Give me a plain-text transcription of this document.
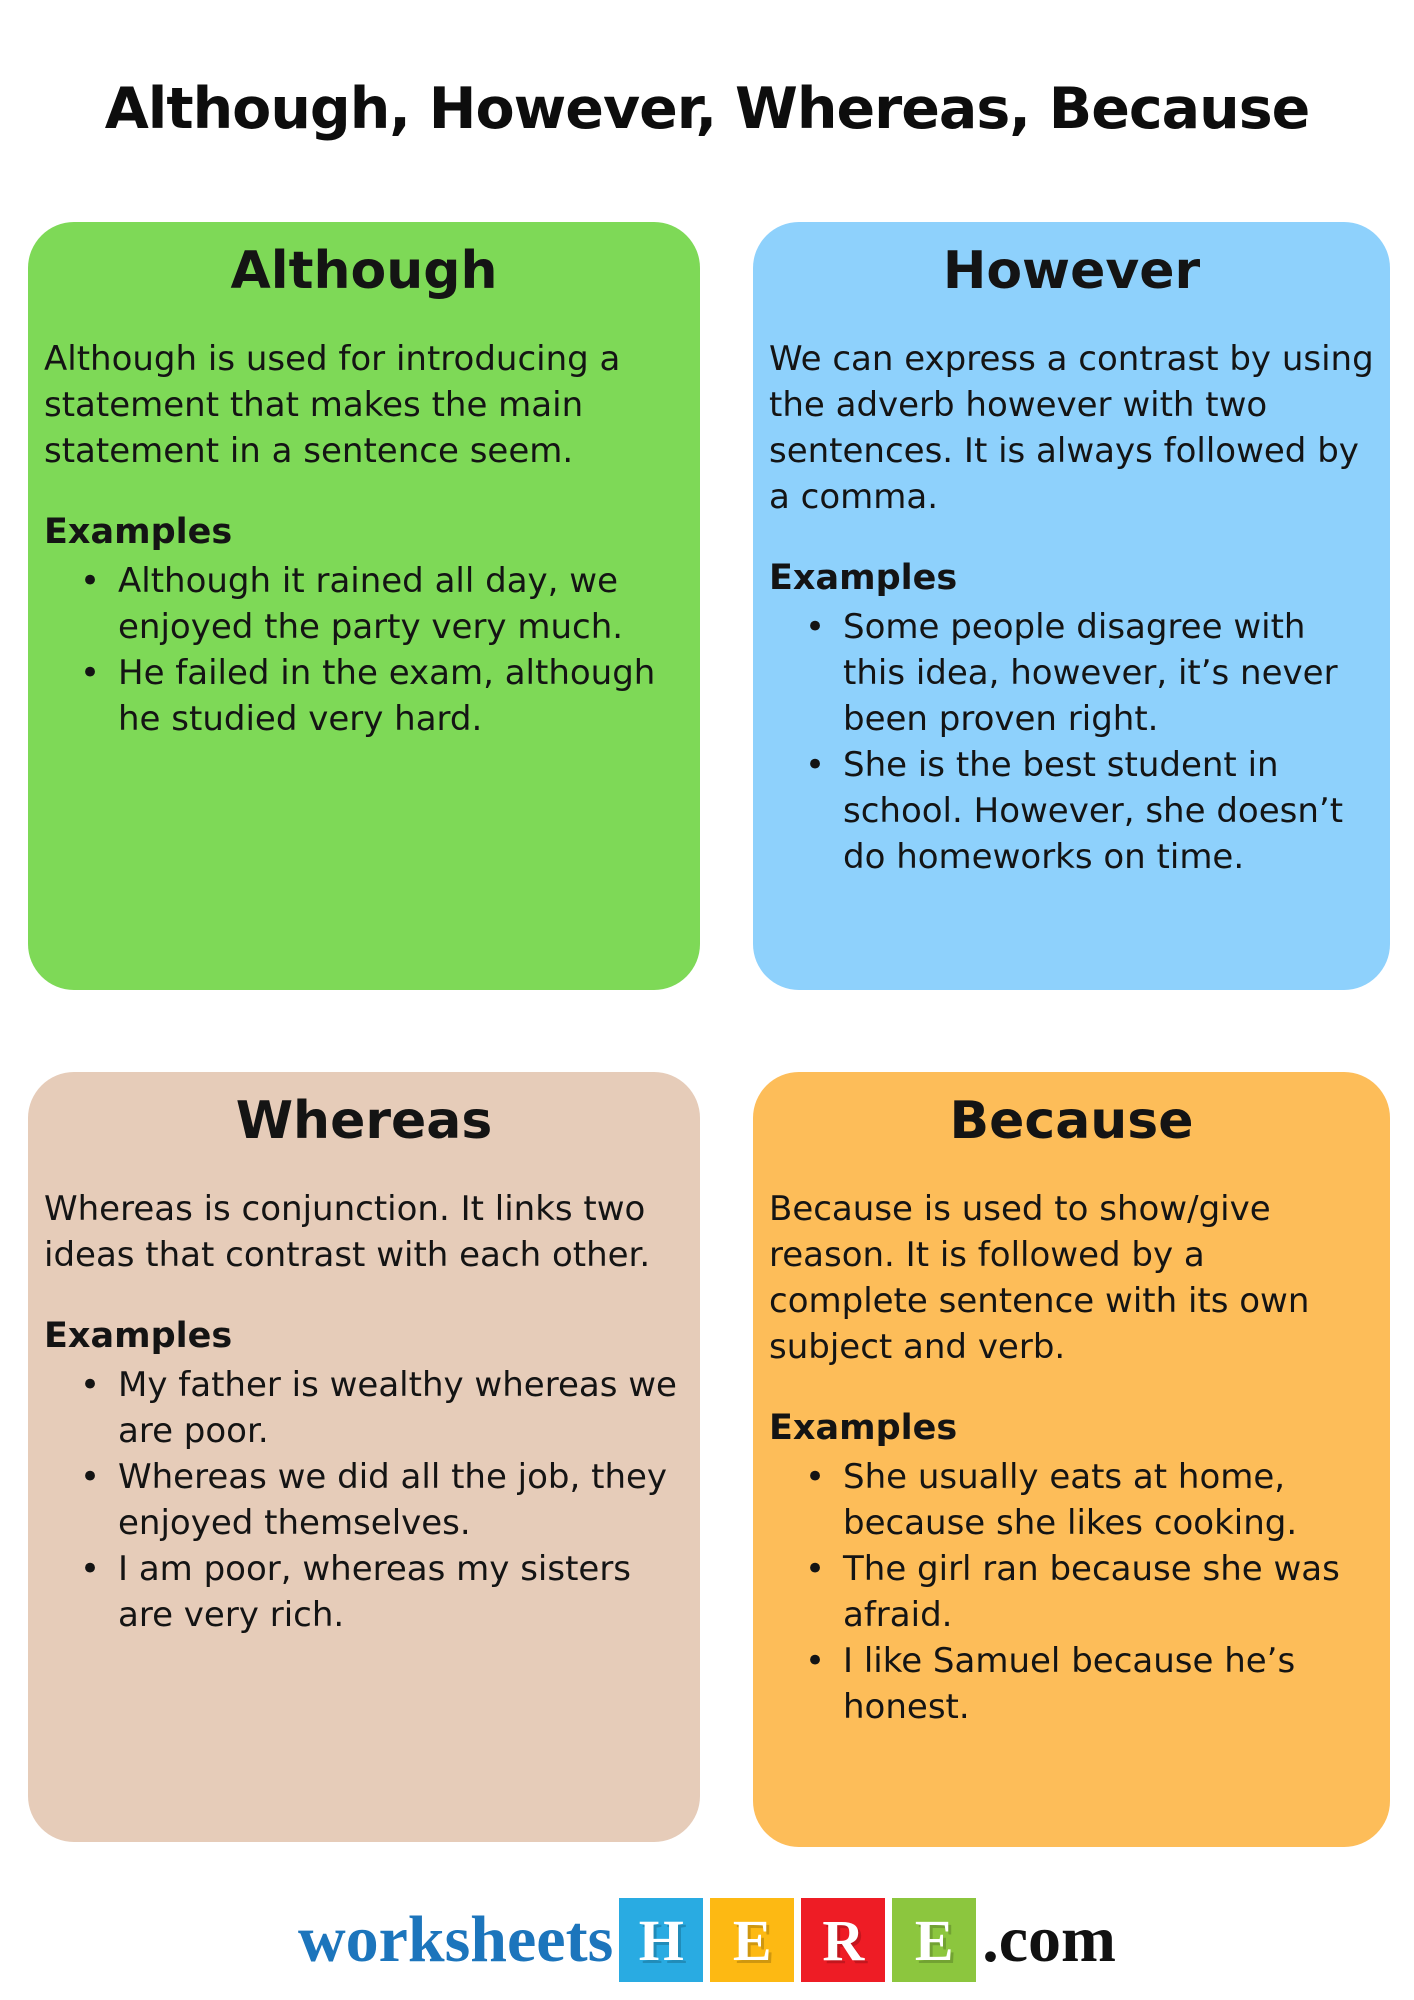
Although, However, Whereas, Because
Although

Although is used for introducing a statement that makes the main statement in a sentence seem.

Examples
• Although it rained all day, we enjoyed the party very much.
• He failed in the exam, although he studied very hard.
However

We can express a contrast by using the adverb however with two sentences. It is always followed by a comma.

Examples
• Some people disagree with this idea, however, it’s never been proven right.
• She is the best student in school. However, she doesn’t do homeworks on time.
Whereas

Whereas is conjunction. It links two ideas that contrast with each other.

Examples
• My father is wealthy whereas we are poor.
• Whereas we did all the job, they enjoyed themselves.
• I am poor, whereas my sisters are very rich.
Because

Because is used to show/give reason. It is followed by a complete sentence with its own subject and verb.

Examples
• She usually eats at home, because she likes cooking.
• The girl ran because she was afraid.
• I like Samuel because he’s honest.
worksheets H E R E .com
